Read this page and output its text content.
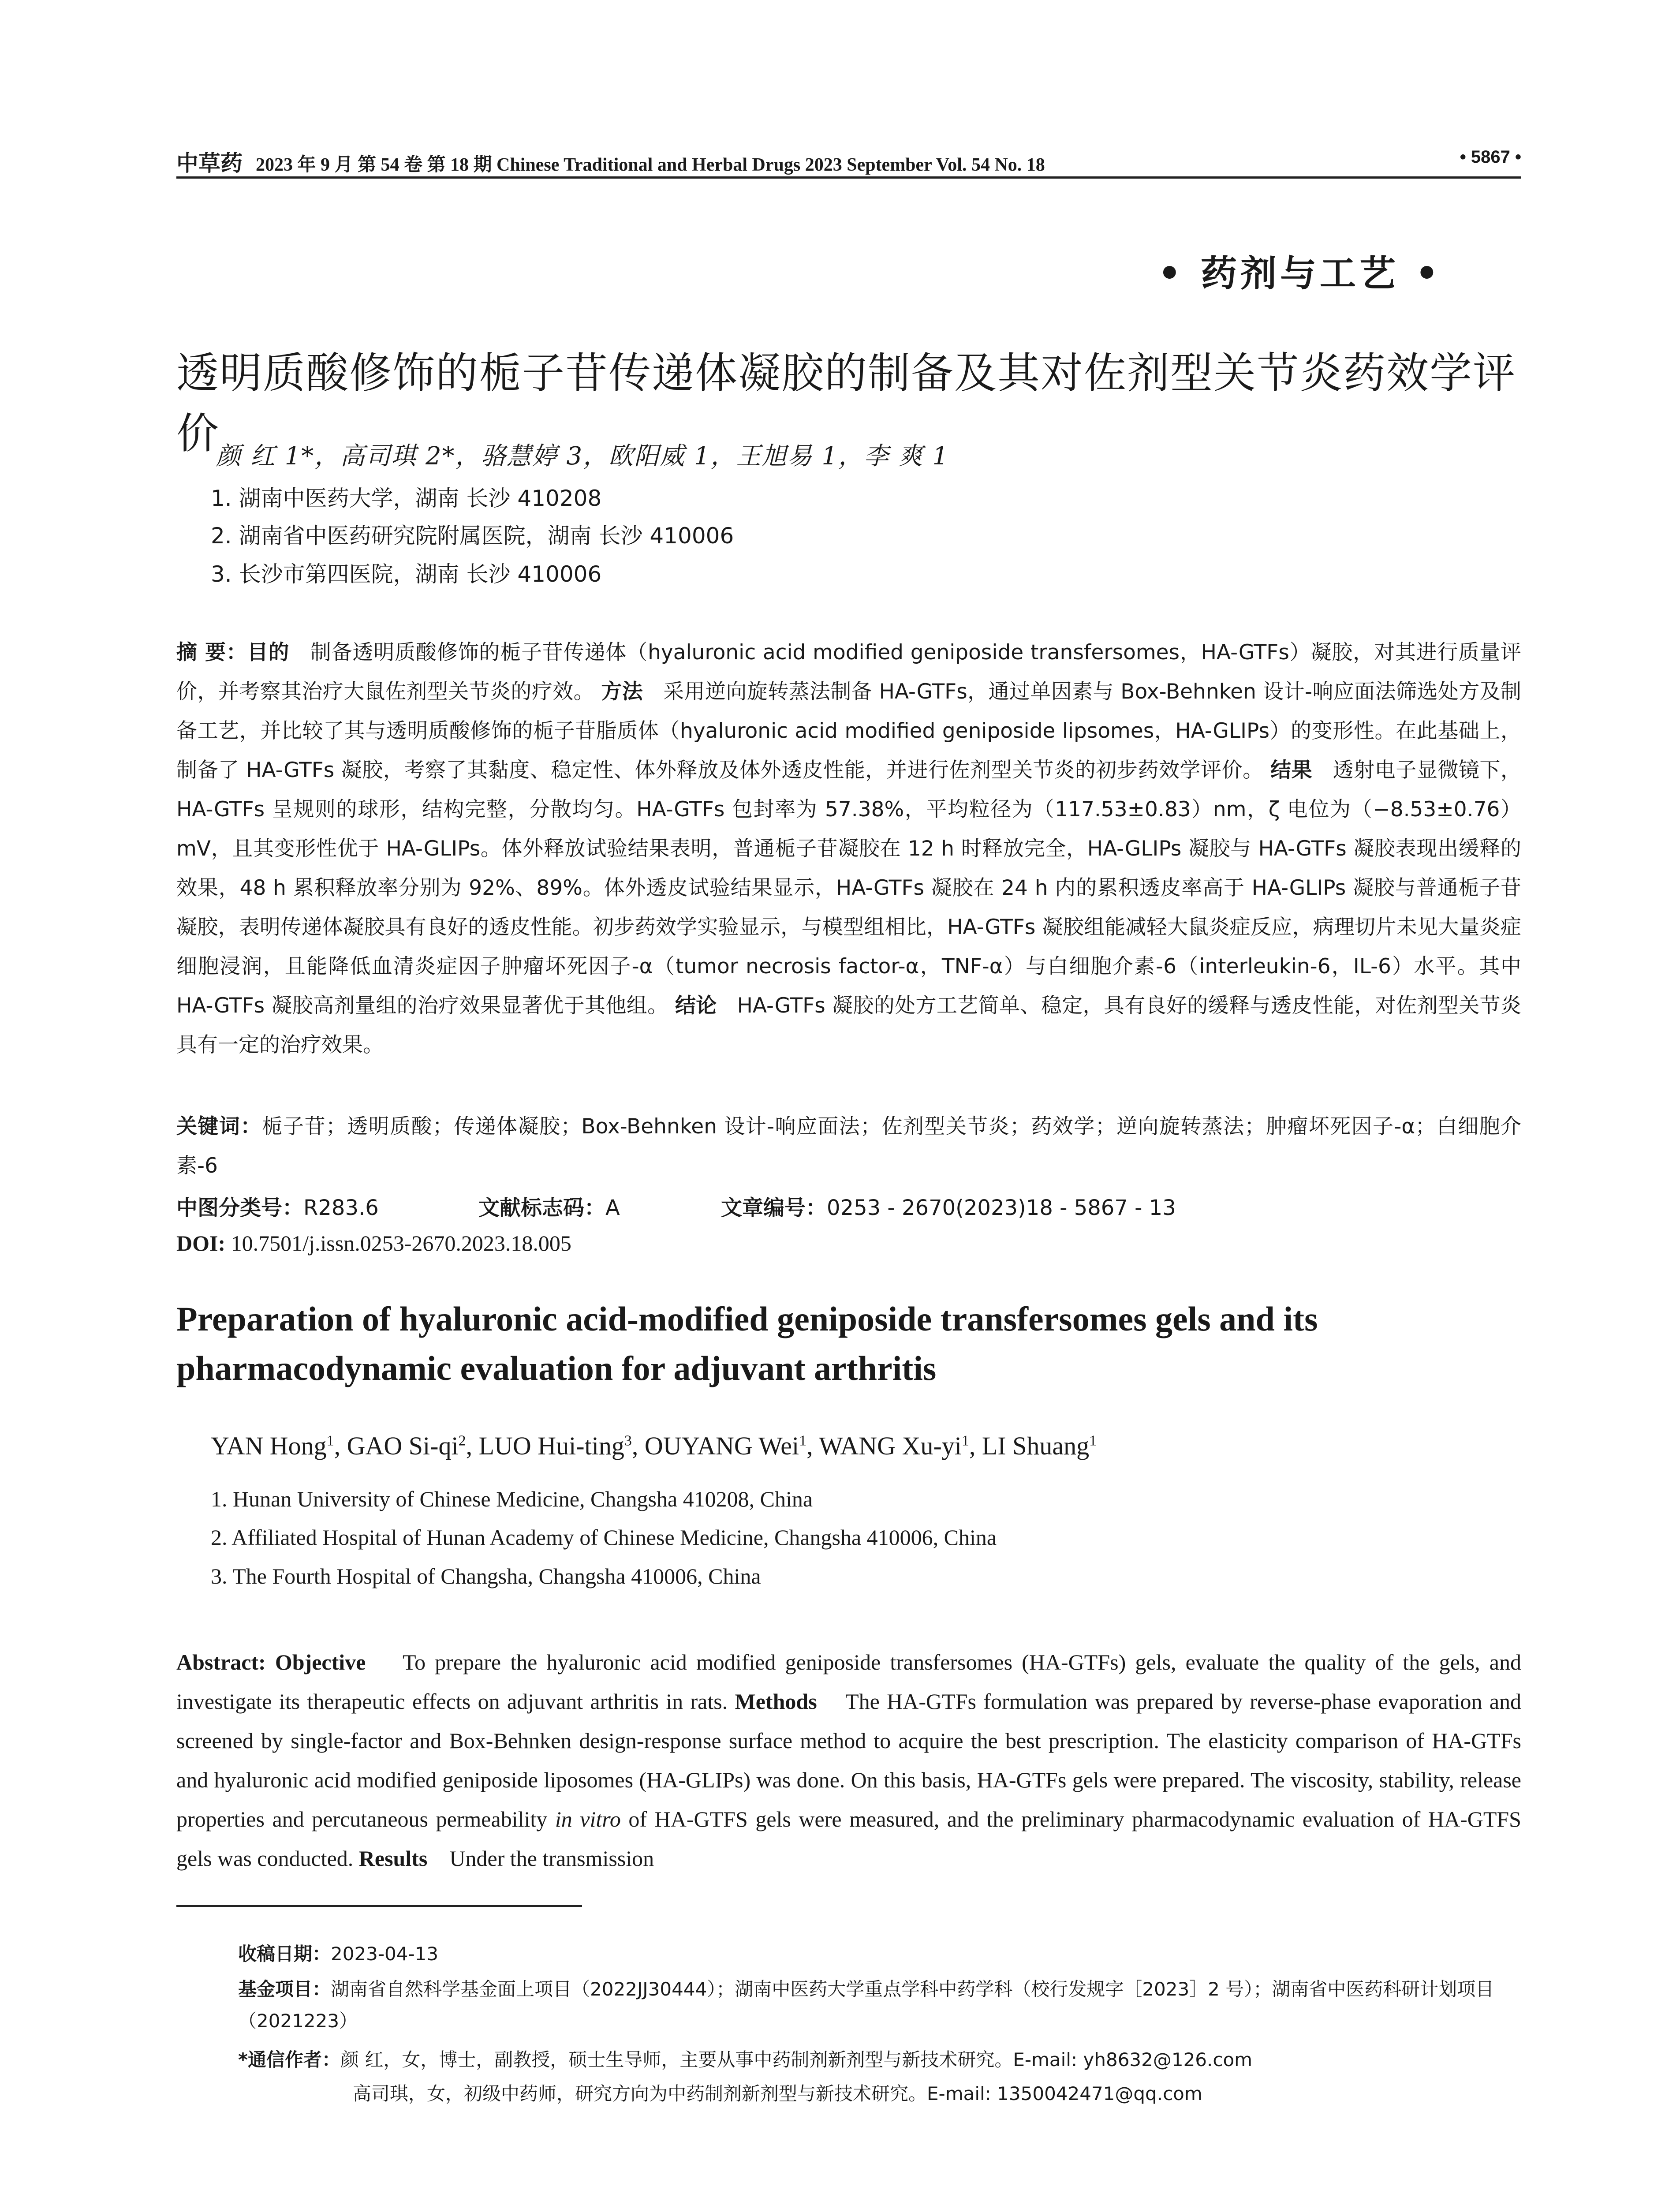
中草药 2023 年 9 月 第 54 卷 第 18 期 Chinese Traditional and Herbal Drugs 2023 September Vol. 54 No. 18	• 5867 •
• 药剂与工艺 •
透明质酸修饰的栀子苷传递体凝胶的制备及其对佐剂型关节炎药效学评价
颜 红 1*，高司琪 2*，骆慧婷 3，欧阳威 1，王旭易 1，李 爽 1
1. 湖南中医药大学，湖南 长沙 410208
2. 湖南省中医药研究院附属医院，湖南 长沙 410006
3. 长沙市第四医院，湖南 长沙 410006
摘 要：目的 制备透明质酸修饰的栀子苷传递体（hyaluronic acid modified geniposide transfersomes，HA-GTFs）凝胶，对其进行质量评价，并考察其治疗大鼠佐剂型关节炎的疗效。 方法 采用逆向旋转蒸法制备 HA-GTFs，通过单因素与 Box-Behnken 设计-响应面法筛选处方及制备工艺，并比较了其与透明质酸修饰的栀子苷脂质体（hyaluronic acid modified geniposide lipsomes，HA-GLIPs）的变形性。在此基础上，制备了 HA-GTFs 凝胶，考察了其黏度、稳定性、体外释放及体外透皮性能，并进行佐剂型关节炎的初步药效学评价。 结果 透射电子显微镜下，HA-GTFs 呈规则的球形，结构完整，分散均匀。HA-GTFs 包封率为 57.38%，平均粒径为（117.53±0.83）nm，ζ 电位为（−8.53±0.76）mV，且其变形性优于 HA-GLIPs。体外释放试验结果表明，普通栀子苷凝胶在 12 h 时释放完全，HA-GLIPs 凝胶与 HA-GTFs 凝胶表现出缓释的效果，48 h 累积释放率分别为 92%、89%。体外透皮试验结果显示，HA-GTFs 凝胶在 24 h 内的累积透皮率高于 HA-GLIPs 凝胶与普通栀子苷凝胶，表明传递体凝胶具有良好的透皮性能。初步药效学实验显示，与模型组相比，HA-GTFs 凝胶组能减轻大鼠炎症反应，病理切片未见大量炎症细胞浸润，且能降低血清炎症因子肿瘤坏死因子-α（tumor necrosis factor-α，TNF-α）与白细胞介素-6（interleukin-6，IL-6）水平。其中 HA-GTFs 凝胶高剂量组的治疗效果显著优于其他组。 结论 HA-GTFs 凝胶的处方工艺简单、稳定，具有良好的缓释与透皮性能，对佐剂型关节炎具有一定的治疗效果。
关键词：栀子苷；透明质酸；传递体凝胶；Box-Behnken 设计-响应面法；佐剂型关节炎；药效学；逆向旋转蒸法；肿瘤坏死因子-α；白细胞介素-6
中图分类号：R283.6	文献标志码：A	文章编号：0253 - 2670(2023)18 - 5867 - 13
DOI: 10.7501/j.issn.0253-2670.2023.18.005
Preparation of hyaluronic acid-modified geniposide transfersomes gels and its pharmacodynamic evaluation for adjuvant arthritis
YAN Hong$^1$, GAO $Si-qi^2$, LUO Hui-ting$^3$, OUYANG Wei$^1$, WANG $Xu-yi^1$, LI Shuang$^1$
1. Hunan University of Chinese Medicine, Changsha 410208, China
2. Affiliated Hospital of Hunan Academy of Chinese Medicine, Changsha 410006, China
3. The Fourth Hospital of Changsha, Changsha 410006, China
Abstract: Objective To prepare the hyaluronic acid modified geniposide transfersomes (HA-GTFs) gels, evaluate the quality of the gels, and investigate its therapeutic effects on adjuvant arthritis in rats. Methods The HA-GTFs formulation was prepared by reverse-phase evaporation and screened by single-factor and Box-Behnken design-response surface method to acquire the best prescription. The elasticity comparison of HA-GTFs and hyaluronic acid modified geniposide liposomes (HA-GLIPs) was done. On this basis, HA-GTFs gels were prepared. The viscosity, stability, release properties and percutaneous permeability in vitro of HA-GTFS gels were measured, and the preliminary pharmacodynamic evaluation of HA-GTFS gels was conducted. Results Under the transmission
收稿日期：2023-04-13
基金项目：湖南省自然科学基金面上项目（2022JJ30444）；湖南中医药大学重点学科中药学科（校行发规字［2023］2 号）；湖南省中医药科研计划项目（2021223）
*通信作者：颜 红，女，博士，副教授，硕士生导师，主要从事中药制剂新剂型与新技术研究。E-mail: yh8632@126.com
高司琪，女，初级中药师，研究方向为中药制剂新剂型与新技术研究。E-mail: 1350042471@qq.com
